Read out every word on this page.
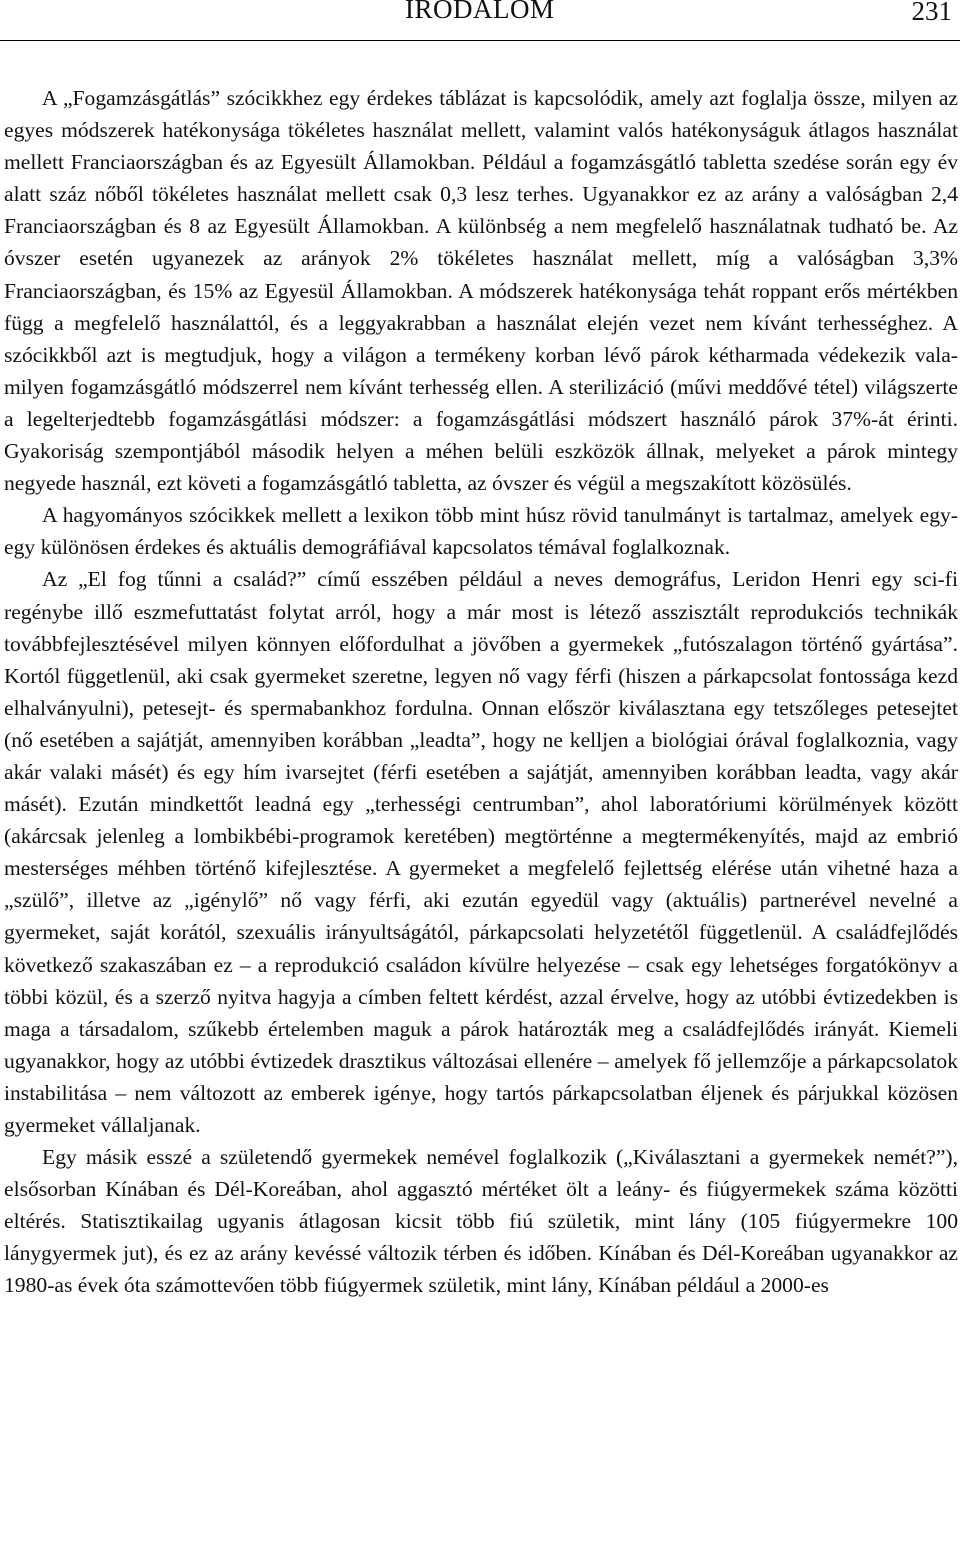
IRODALOM	231

A „Fogamzásgátlás” szócikkhez egy érdekes táblázat is kapcsolódik, amely azt foglalja össze, milyen az egyes módszerek hatékonysága tökéletes használat mellett, valamint valós hatékonyságuk átlagos használat mellett Franciaországban és az Egyesült Államokban. Például a fogamzásgátló tabletta szedése során egy év alatt száz nőből tökéletes használat mellett csak 0,3 lesz terhes. Ugyanakkor ez az arány a valóságban 2,4 Franciaországban és 8 az Egyesült Államokban. A különbség a nem megfelelő használatnak tudható be. Az óvszer esetén ugyanezek az arányok 2% tökéletes használat mellett, míg a valóságban 3,3% Franciaországban, és 15% az Egyesül Államokban. A módszerek hatékonysága tehát roppant erős mértékben függ a megfelelő használattól, és a leggyakrabban a használat elején vezet nem kívánt terhességhez. A szócikkből azt is megtudjuk, hogy a világon a termékeny korban lévő párok kétharmada védekezik valamilyen fogamzásgátló módszerrel nem kívánt terhesség ellen. A sterilizáció (művi meddővé tétel) világszerte a legelterjedtebb fogamzásgátlási módszer: a fogamzásgátlási módszert használó párok 37%-át érinti. Gyakoriság szempontjából második helyen a méhen belüli eszközök állnak, melyeket a párok mintegy negyede használ, ezt követi a fogamzásgátló tabletta, az óvszer és végül a megszakított közösülés.

A hagyományos szócikkek mellett a lexikon több mint húsz rövid tanulmányt is tartalmaz, amelyek egy-egy különösen érdekes és aktuális demográfiával kapcsolatos témával foglalkoznak.

Az „El fog tűnni a család?” című esszében például a neves demográfus, Leridon Henri egy sci-fi regénybe illő eszmefuttatást folytat arról, hogy a már most is létező asszisztált reprodukciós technikák továbbfejlesztésével milyen könnyen előfordulhat a jövőben a gyermekek „futószalagon történő gyártása”. Kortól függetlenül, aki csak gyermeket szeretne, legyen nő vagy férfi (hiszen a párkapcsolat fontossága kezd elhalványulni), petesejt- és spermabankhoz fordulna. Onnan először kiválasztana egy tetszőleges petesejtet (nő esetében a sajátját, amennyiben korábban „leadta”, hogy ne kelljen a biológiai órával foglalkoznia, vagy akár valaki másét) és egy hím ivarsejtet (férfi esetében a sajátját, amennyiben korábban leadta, vagy akár másét). Ezután mindkettőt leadná egy „terhességi centrumban”, ahol laboratóriumi körülmények között (akárcsak jelenleg a lombikbébi-programok keretében) megtörténne a megtermékenyítés, majd az embrió mesterséges méhben történő kifejlesztése. A gyermeket a megfelelő fejlettség elérése után vihetné haza a „szülő”, illetve az „igénylő” nő vagy férfi, aki ezután egyedül vagy (aktuális) partnerével nevelné a gyermeket, saját korától, szexuális irányultságától, párkapcsolati helyzetétől függetlenül. A családfejlődés következő szakaszában ez – a reprodukció családon kívülre helyezése – csak egy lehetséges forgatókönyv a többi közül, és a szerző nyitva hagyja a címben feltett kérdést, azzal érvelve, hogy az utóbbi évtizedekben is maga a társadalom, szűkebb értelemben maguk a párok határozták meg a családfejlődés irányát. Kiemeli ugyanakkor, hogy az utóbbi évtizedek drasztikus változásai ellenére – amelyek fő jellemzője a párkapcsolatok instabilitása – nem változott az emberek igénye, hogy tartós párkapcsolatban éljenek és párjukkal közösen gyermeket vállaljanak.

Egy másik esszé a születendő gyermekek nemével foglalkozik („Kiválasztani a gyermekek nemét?”), elsősorban Kínában és Dél-Koreában, ahol aggasztó mértéket ölt a leány- és fiúgyermekek száma közötti eltérés. Statisztikailag ugyanis átlagosan kicsit több fiú születik, mint lány (105 fiúgyermekre 100 lánygyermek jut), és ez az arány kevéssé változik térben és időben. Kínában és Dél-Koreában ugyanakkor az 1980-as évek óta számottevően több fiúgyermek születik, mint lány, Kínában például a 2000-es
